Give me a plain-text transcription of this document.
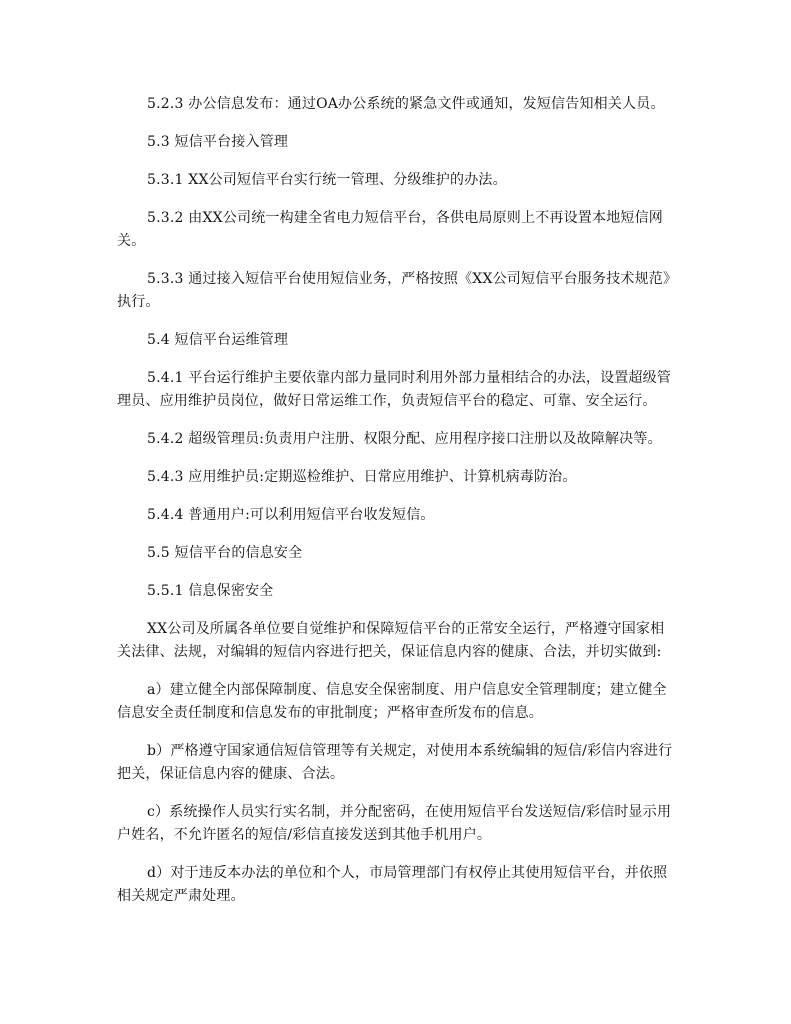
5.2.3 办公信息发布：通过OA办公系统的紧急文件或通知，发短信告知相关人员。

5.3 短信平台接入管理

5.3.1 XX公司短信平台实行统一管理、分级维护的办法。

5.3.2 由XX公司统一构建全省电力短信平台，各供电局原则上不再设置本地短信网关。

5.3.3 通过接入短信平台使用短信业务，严格按照《XX公司短信平台服务技术规范》执行。

5.4 短信平台运维管理

5.4.1 平台运行维护主要依靠内部力量同时利用外部力量相结合的办法，设置超级管理员、应用维护员岗位，做好日常运维工作，负责短信平台的稳定、可靠、安全运行。

5.4.2 超级管理员:负责用户注册、权限分配、应用程序接口注册以及故障解决等。

5.4.3 应用维护员:定期巡检维护、日常应用维护、计算机病毒防治。

5.4.4 普通用户:可以利用短信平台收发短信。

5.5 短信平台的信息安全

5.5.1 信息保密安全

XX公司及所属各单位要自觉维护和保障短信平台的正常安全运行，严格遵守国家相关法律、法规，对编辑的短信内容进行把关，保证信息内容的健康、合法，并切实做到:

a）建立健全内部保障制度、信息安全保密制度、用户信息安全管理制度；建立健全信息安全责任制度和信息发布的审批制度；严格审查所发布的信息。

b）严格遵守国家通信短信管理等有关规定，对使用本系统编辑的短信/彩信内容进行把关，保证信息内容的健康、合法。

c）系统操作人员实行实名制，并分配密码，在使用短信平台发送短信/彩信时显示用户姓名，不允许匿名的短信/彩信直接发送到其他手机用户。

d）对于违反本办法的单位和个人，市局管理部门有权停止其使用短信平台，并依照相关规定严肃处理。
